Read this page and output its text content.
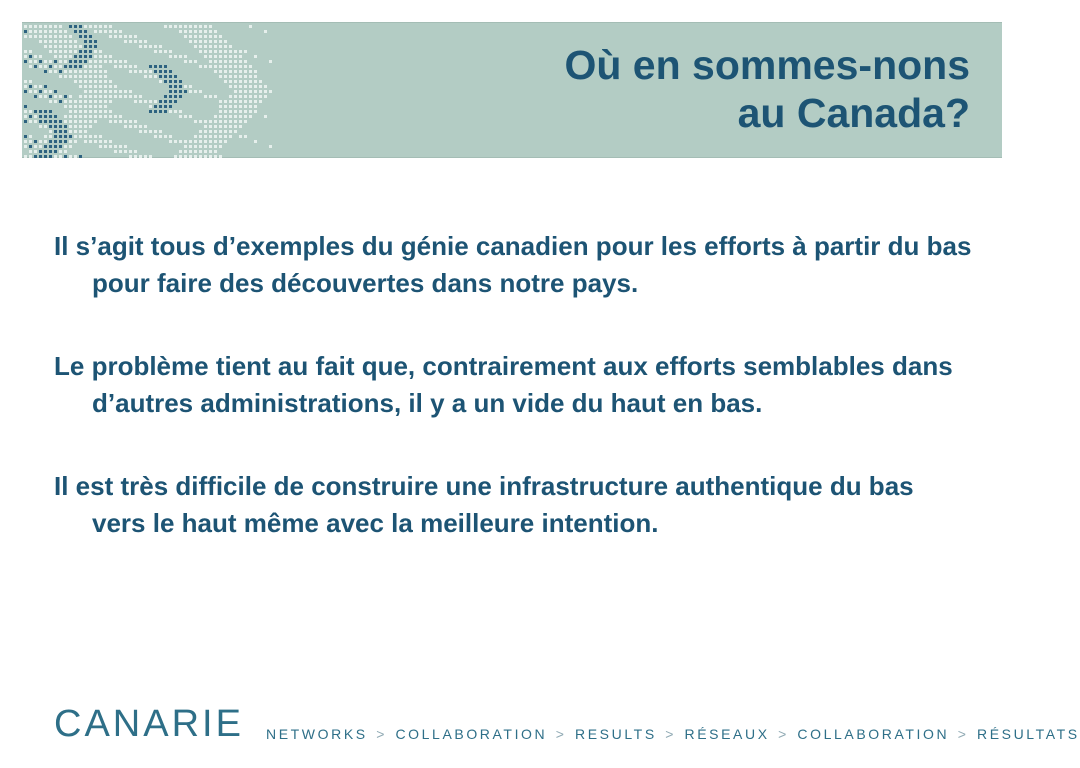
Où en sommes-nons
au Canada?

Il s’agit tous d’exemples du génie canadien pour les efforts à partir du bas pour faire des découvertes dans notre pays.

Le problème tient au fait que, contrairement aux efforts semblables dans d’autres administrations, il y a un vide du haut en bas.

Il est très difficile de construire une infrastructure authentique du bas vers le haut même avec la meilleure intention.

CANARIE NETWORKS > COLLABORATION > RESULTS > RÉSEAUX > COLLABORATION > RÉSULTATS
